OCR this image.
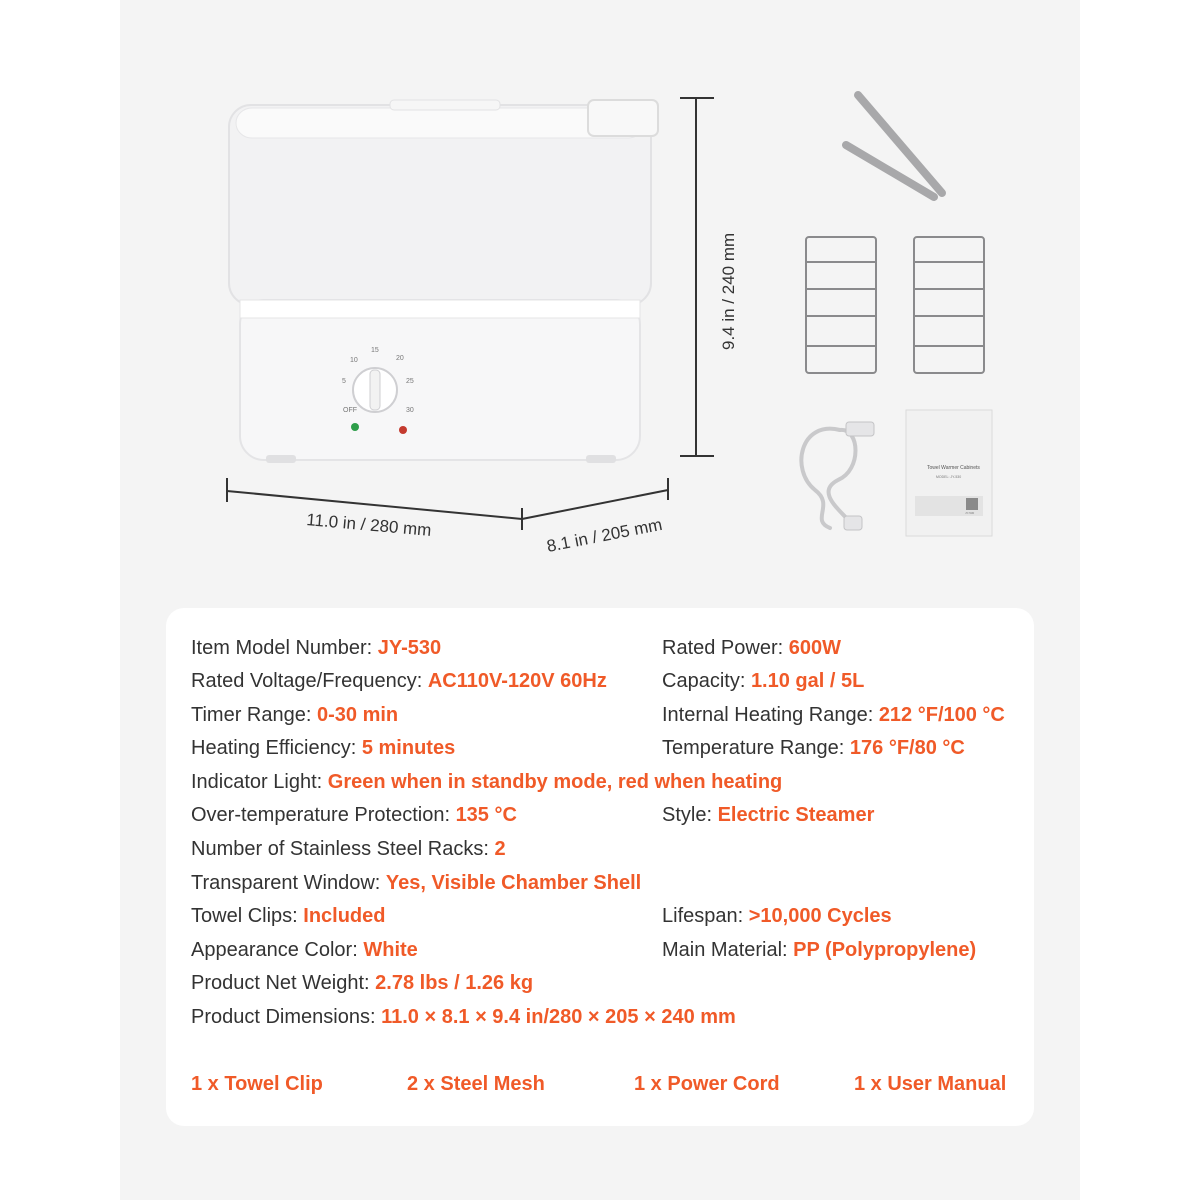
OFF
5
10
15
20
25
30
11.0 in / 280 mm	8.1 in / 205 mm
9.4 in / 240 mm
Towel Warmer Cabinets
MODEL: JY-530
JY-530
Item Model Number: JY-530
Rated Voltage/Frequency: AC110V-120V 60Hz
Timer Range: 0-30 min
Heating Efficiency: 5 minutes
Indicator Light: Green when in standby mode, red when heating
Over-temperature Protection: 135 °C
Number of Stainless Steel Racks: 2
Transparent Window: Yes, Visible Chamber Shell
Towel Clips: Included
Appearance Color: White
Product Net Weight: 2.78 lbs / 1.26 kg
Product Dimensions: 11.0 × 8.1 × 9.4 in/280 × 205 × 240 mm
Rated Power: 600W
Capacity: 1.10 gal / 5L
Internal Heating Range: 212 °F/100 °C
Temperature Range: 176 °F/80 °C
Style: Electric Steamer
Lifespan: >10,000 Cycles
Main Material: PP (Polypropylene)
1 x Towel Clip	2 x Steel Mesh	1 x Power Cord	1 x User Manual
